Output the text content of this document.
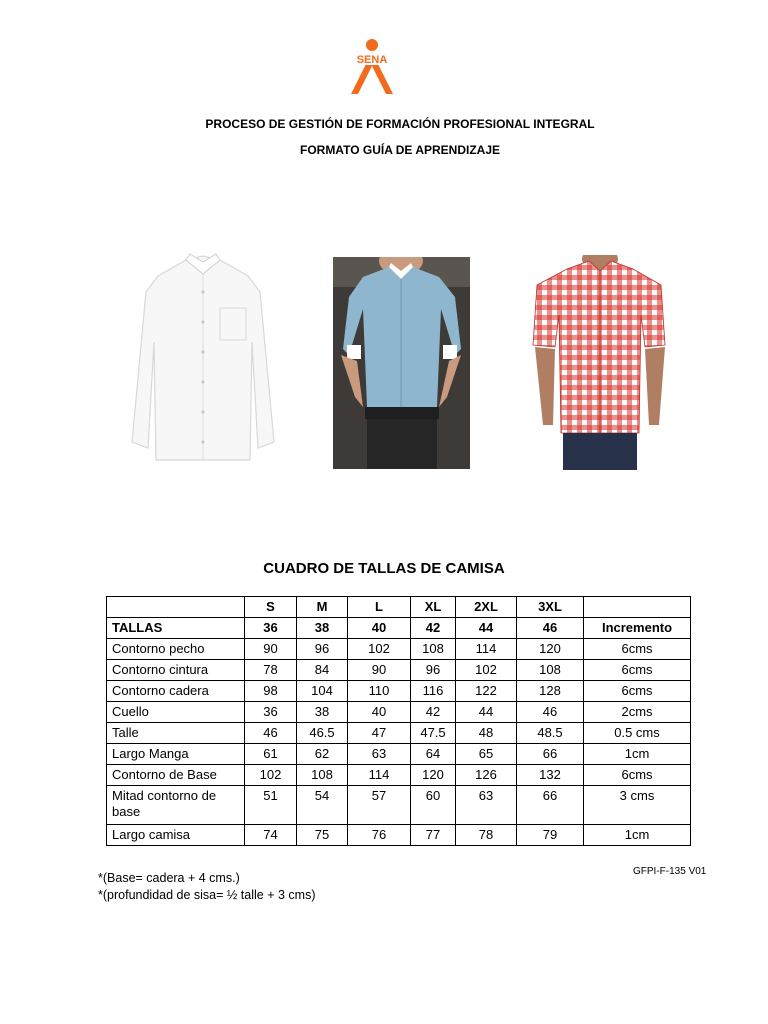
SENA
PROCESO DE GESTIÓN DE FORMACIÓN PROFESIONAL INTEGRAL
FORMATO GUÍA DE APRENDIZAJE
CUADRO DE TALLAS DE CAMISA
	S	M	L	XL	2XL	3XL	
TALLAS	36	38	40	42	44	46	Incremento
Contorno pecho	90	96	102	108	114	120	6cms
Contorno cintura	78	84	90	96	102	108	6cms
Contorno cadera	98	104	110	116	122	128	6cms
Cuello	36	38	40	42	44	46	2cms
Talle	46	46.5	47	47.5	48	48.5	0.5 cms
Largo Manga	61	62	63	64	65	66	1cm
Contorno de Base	102	108	114	120	126	132	6cms
Mitad contorno de base	51	54	57	60	63	66	3 cms
Largo camisa	74	75	76	77	78	79	1cm
GFPI-F-135 V01
*(Base= cadera + 4 cms.)
*(profundidad de sisa= ½ talle + 3 cms)
